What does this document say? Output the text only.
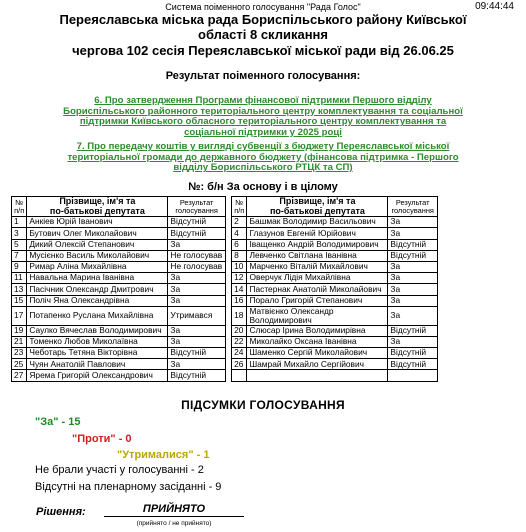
Система поіменного голосування "Рада Голос"	09:44:44
Переяславська міська рада Бориспільського району Київської
області 8 скликання
чергова 102 сесія Переяславської міської ради від 26.06.25
Результат поіменного голосування:
6. Про затвердження Програми фінансової підтримки Першого відділу
Бориспільського районного територіального центру комплектування та соціальної
підтримки Київського обласного територіального центру комплектування та
соціальної підтримки у 2025 році
7. Про передачу коштів у вигляді субвенції з бюджету Переяславської міської
територіальної громади до державного бюджету (фінансова підтримка - Першого
відділу Бориспільського РТЦК та СП)
№: б/н За основу і в цілому
№
п/п	Прізвище, ім'я та
по-батькові депутата	Результат
голосування		№
п/п	Прізвище, ім'я та
по-батькові депутата	Результат
голосування
1	Анкіев Юрій Іванович	Відсутній		2	Башмак Володимир Васильович	За
3	Бутович Олег Миколайович	Відсутній		4	Глазунов Евгеній Юрійович	За
5	Дикий Олексій Степанович	За		6	Іващенко Андрій Володимирович	Відсутній
7	Мусієнко Василь Миколайович	Не голосував		8	Левченко Світлана Іванівна	Відсутній
9	Римар Аліна Михайлівна	Не голосував		10	Марченко Віталій Михайлович	За
11	Навальна Марина Іванівна	За		12	Оверчук Лідія Михайлівна	За
13	Пасічник Олександр Дмитрович	За		14	Пастернак Анатолій Миколайович	За
15	Поліч Яна Олександрівна	За		16	Порало Григорій Степанович	За
17	Потапенко Руслана Михайлівна	Утримався		18	Матвієнко Олександр Володимирович	За
19	Саулко Вячеслав Володимирович	За		20	Слюсар Ірина Володимирівна	Відсутній
21	Томенко Любов Миколаївна	За		22	Миколайко Оксана Іванівна	За
23	Чеботарь Тетяна Вікторівна	Відсутній		24	Шаменко Сергій Миколайович	Відсутній
25	Чуян Анатолій Павлович	За		26	Шамрай Михайло Сергійович	Відсутній
27	Ярема Григорій Олександрович	Відсутній				
ПІДСУМКИ ГОЛОСУВАННЯ
"За" - 15
"Проти" - 0
"Утрималися" - 1
Не брали участі у голосуванні - 2
Відсутні на пленарному засіданні - 9
Рішення:	ПРИЙНЯТО
(прийнято / не прийнято)
